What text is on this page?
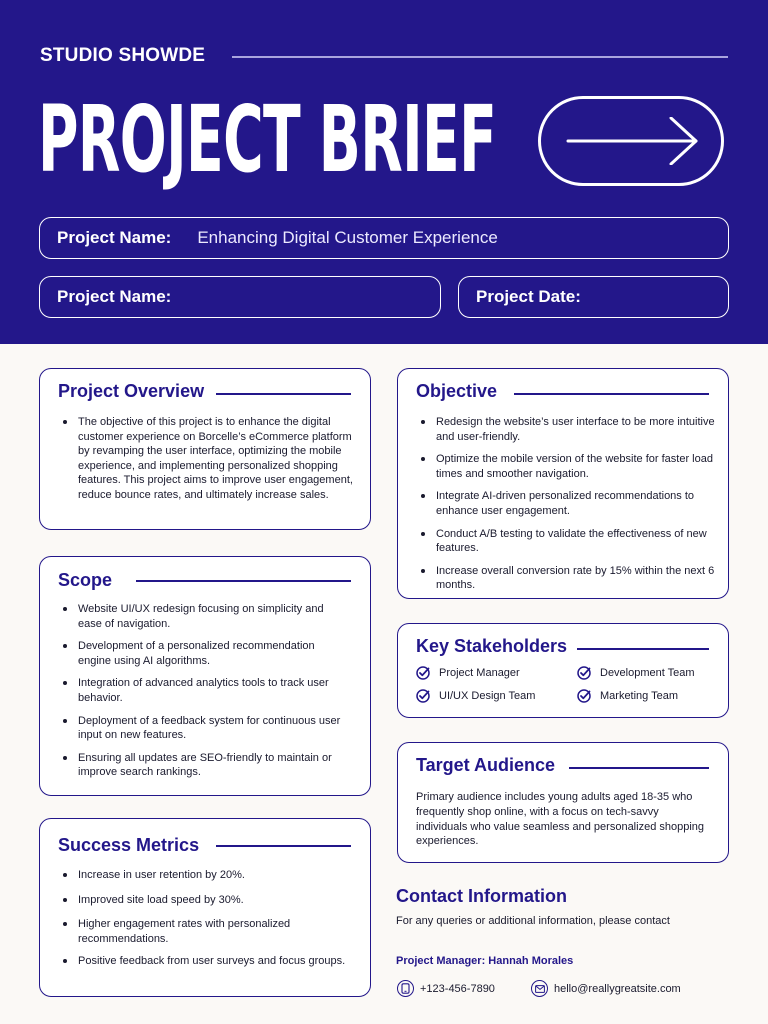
STUDIO SHOWDE
PROJECT BRIEF
Project Name: Enhancing Digital Customer Experience
Project Name:	Project Date:
Project Overview
The objective of this project is to enhance the digital customer experience on Borcelle’s eCommerce platform by revamping the user interface, optimizing the mobile experience, and implementing personalized shopping features. This project aims to improve user engagement, reduce bounce rates, and ultimately increase sales.
Scope
Website UI/UX redesign focusing on simplicity and ease of navigation.
Development of a personalized recommendation engine using AI algorithms.
Integration of advanced analytics tools to track user behavior.
Deployment of a feedback system for continuous user input on new features.
Ensuring all updates are SEO-friendly to maintain or improve search rankings.
Success Metrics
Increase in user retention by 20%.
Improved site load speed by 30%.
Higher engagement rates with personalized recommendations.
Positive feedback from user surveys and focus groups.
Objective
Redesign the website’s user interface to be more intuitive and user-friendly.
Optimize the mobile version of the website for faster load times and smoother navigation.
Integrate AI-driven personalized recommendations to enhance user engagement.
Conduct A/B testing to validate the effectiveness of new features.
Increase overall conversion rate by 15% within the next 6 months.
Key Stakeholders
Project Manager	Development Team
UI/UX Design Team	Marketing Team
Target Audience
Primary audience includes young adults aged 18-35 who frequently shop online, with a focus on tech-savvy individuals who value seamless and personalized shopping experiences.
Contact Information
For any queries or additional information, please contact
Project Manager: Hannah Morales
+123-456-7890	hello@reallygreatsite.com
